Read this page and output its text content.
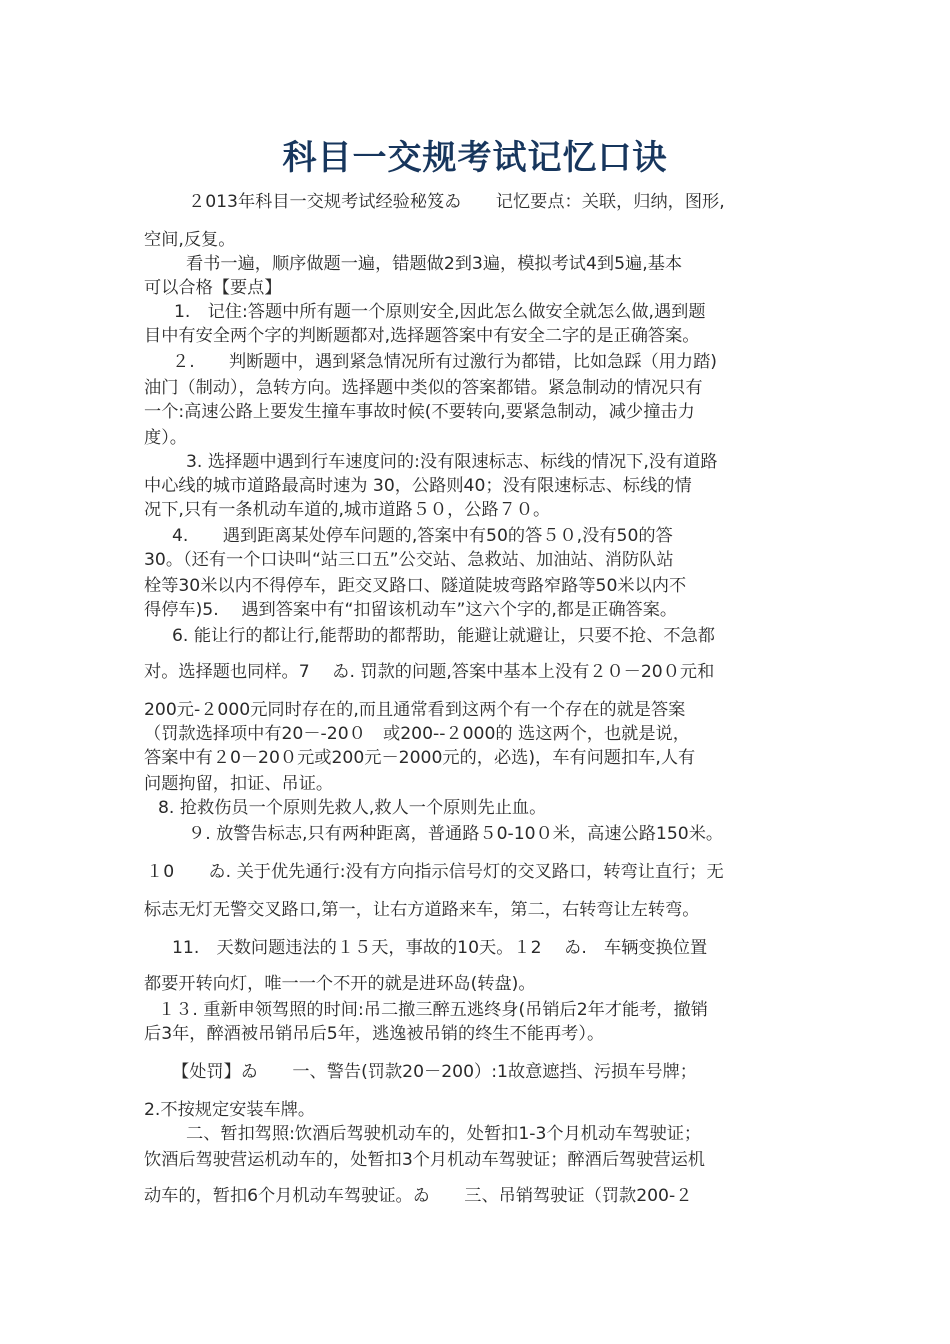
科目一交规考试记忆口诀
２013年科目一交规考试经验秘笈ゐ　　记忆要点：关联，归纳，图形,
空间,反复。
看书一遍，顺序做题一遍，错题做2到3遍，模拟考试4到5遍,基本
可以合格【要点】
1.　记住:答题中所有题一个原则安全,因此怎么做安全就怎么做,遇到题
目中有安全两个字的判断题都对,选择题答案中有安全二字的是正确答案。
２.　　判断题中，遇到紧急情况所有过激行为都错，比如急踩（用力踏)
油门（制动），急转方向。选择题中类似的答案都错。紧急制动的情况只有
一个:高速公路上要发生撞车事故时候(不要转向,要紧急制动，减少撞击力
度）。
3. 选择题中遇到行车速度问的:没有限速标志、标线的情况下,没有道路
中心线的城市道路最高时速为 30，公路则40；没有限速标志、标线的情
况下,只有一条机动车道的,城市道路５０，公路７０。
4.　　遇到距离某处停车问题的,答案中有50的答５０,没有50的答
30。（还有一个口诀叫“站三口五”公交站、急救站、加油站、消防队站
栓等30米以内不得停车，距交叉路口、隧道陡坡弯路窄路等50米以内不
得停车)5.　 遇到答案中有“扣留该机动车”这六个字的,都是正确答案。
6. 能让行的都让行,能帮助的都帮助，能避让就避让，只要不抢、不急都
对。选择题也同样。7　 ゐ. 罚款的问题,答案中基本上没有２０－20０元和
200元-２000元同时存在的,而且通常看到这两个有一个存在的就是答案
（罚款选择项中有20－-20０　或200--２000的 选这两个，也就是说，
答案中有２0－20０元或200元－2000元的，必选)，车有问题扣车,人有
问题拘留，扣证、吊证。
8. 抢救伤员一个原则先救人,救人一个原则先止血。
９. 放警告标志,只有两种距离，普通路５0-10０米，高速公路150米。
１0　　ゐ. 关于优先通行:没有方向指示信号灯的交叉路口，转弯让直行；无
标志无灯无警交叉路口,第一，让右方道路来车，第二，右转弯让左转弯。
11.　天数问题违法的１５天，事故的10天。１2　 ゐ.　车辆变换位置
都要开转向灯，唯一一个不开的就是进环岛(转盘)。
１３. 重新申领驾照的时间:吊二撤三醉五逃终身(吊销后2年才能考，撤销
后3年，醉酒被吊销吊后5年，逃逸被吊销的终生不能再考）。
【处罚】ゐ　　一、警告(罚款20－200）:1故意遮挡、污损车号牌；
2.不按规定安装车牌。
二、暂扣驾照:饮酒后驾驶机动车的，处暂扣1-3个月机动车驾驶证；
饮酒后驾驶营运机动车的，处暂扣3个月机动车驾驶证；醉酒后驾驶营运机
动车的，暂扣6个月机动车驾驶证。ゐ　　三、吊销驾驶证（罚款200-２
